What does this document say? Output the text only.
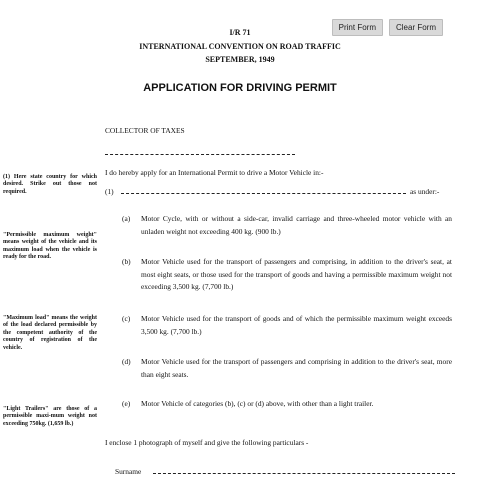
Print Form	Clear Form
I/R 71
INTERNATIONAL CONVENTION ON ROAD TRAFFIC
SEPTEMBER, 1949
APPLICATION FOR DRIVING PERMIT
COLLECTOR OF TAXES
I do hereby apply for an International Permit to drive a Motor Vehicle in:-
(1)	as under:-
(a) Motor Cycle, with or without a side-car, invalid carriage and three-wheeled motor vehicle with an unladen weight not exceeding 400 kg. (900 lb.)
(b) Motor Vehicle used for the transport of passengers and comprising, in addition to the driver's seat, at most eight seats, or those used for the transport of goods and having a permissible maximum weight not exceeding 3,500 kg. (7,700 lb.)
(c) Motor Vehicle used for the transport of goods and of which the permissible maximum weight exceeds 3,500 kg. (7,700 lb.)
(d) Motor Vehicle used for the transport of passengers and comprising in addition to the driver's seat, more than eight seats.
(e) Motor Vehicle of categories (b), (c) or (d) above, with other than a light trailer.
I enclose 1 photograph of myself and give the following particulars -
Surname
(1) Here state country for which desired. Strike out those not required.
"Permissible maximum weight" means weight of the vehicle and its maximum load when the vehicle is ready for the road.
"Maximum load" means the weight of the load declared permissible by the competent authority of the country of registration of the vehicle.
"Light Trailers" are those of a permissible maxi-mum weight not exceeding 750kg. (1,659 lb.)
